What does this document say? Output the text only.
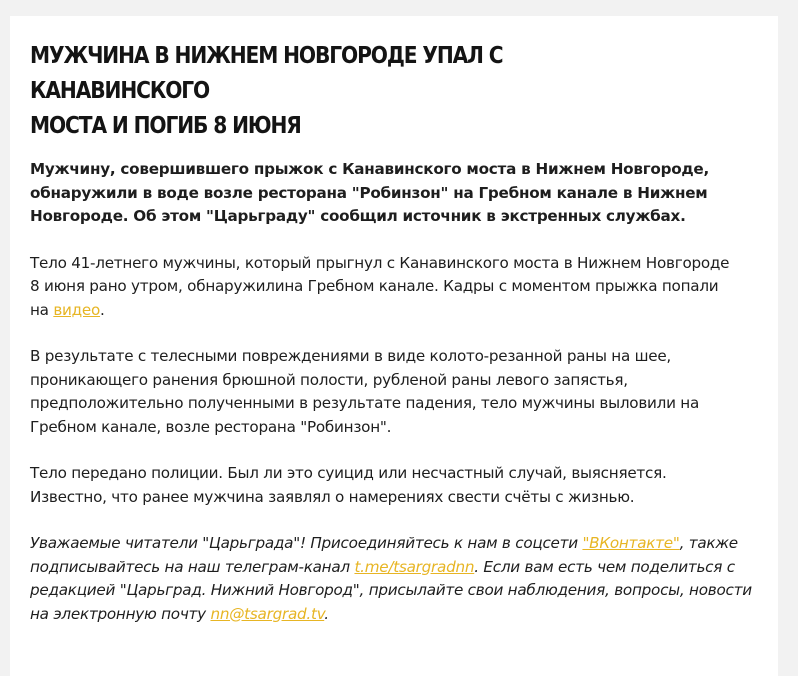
МУЖЧИНА В НИЖНЕМ НОВГОРОДЕ УПАЛ С КАНАВИНСКОГО
МОСТА И ПОГИБ 8 ИЮНЯ

Мужчину, совершившего прыжок с Канавинского моста в Нижнем Новгороде,
обнаружили в воде возле ресторана "Робинзон" на Гребном канале в Нижнем
Новгороде. Об этом "Царьграду" сообщил источник в экстренных службах.

Тело 41-летнего мужчины, который прыгнул с Канавинского моста в Нижнем Новгороде
8 июня рано утром, обнаружилина Гребном канале. Кадры с моментом прыжка попали
на видео.

В результате с телесными повреждениями в виде колото-резанной раны на шее,
проникающего ранения брюшной полости, рубленой раны левого запястья,
предположительно полученными в результате падения, тело мужчины выловили на
Гребном канале, возле ресторана "Робинзон".

Тело передано полиции. Был ли это суицид или несчастный случай, выясняется.
Известно, что ранее мужчина заявлял о намерениях свести счёты с жизнью.

Уважаемые читатели "Царьграда"! Присоединяйтесь к нам в соцсети "ВКонтакте", также
подписывайтесь на наш телеграм-канал t.me/tsargradnn. Если вам есть чем поделиться с
редакцией "Царьград. Нижний Новгород", присылайте свои наблюдения, вопросы, новости
на электронную почту nn@tsargrad.tv.
